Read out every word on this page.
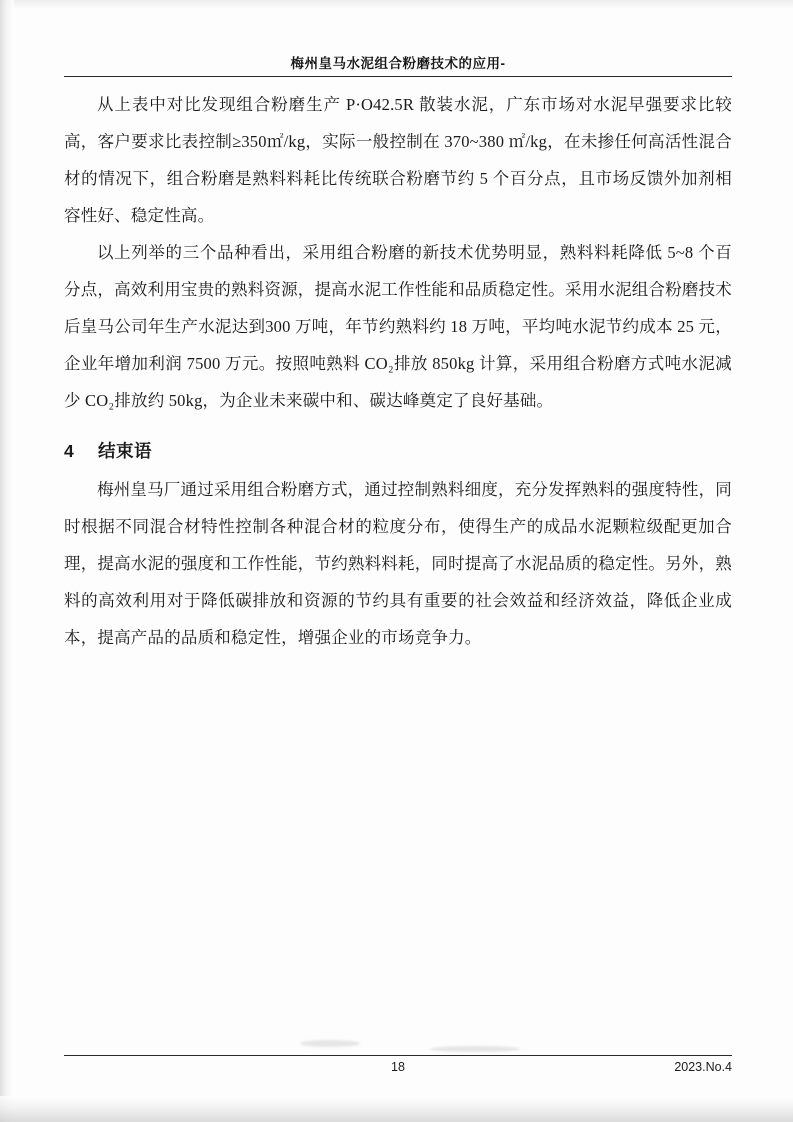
梅州皇马水泥组合粉磨技术的应用-

从上表中对比发现组合粉磨生产 P·O42.5R 散装水泥，广东市场对水泥早强要求比较高，客户要求比表控制≥350㎡/kg，实际一般控制在 370~380 ㎡/kg，在未掺任何高活性混合材的情况下，组合粉磨是熟料料耗比传统联合粉磨节约 5 个百分点，且市场反馈外加剂相容性好、稳定性高。

以上列举的三个品种看出，采用组合粉磨的新技术优势明显，熟料料耗降低 5~8 个百分点，高效利用宝贵的熟料资源，提高水泥工作性能和品质稳定性。采用水泥组合粉磨技术后皇马公司年生产水泥达到300 万吨，年节约熟料约 18 万吨，平均吨水泥节约成本 25 元，企业年增加利润 7500 万元。按照吨熟料 CO₂排放 850kg 计算，采用组合粉磨方式吨水泥减少 CO₂排放约 50kg，为企业未来碳中和、碳达峰奠定了良好基础。

4 结束语

梅州皇马厂通过采用组合粉磨方式，通过控制熟料细度，充分发挥熟料的强度特性，同时根据不同混合材特性控制各种混合材的粒度分布，使得生产的成品水泥颗粒级配更加合理，提高水泥的强度和工作性能，节约熟料料耗，同时提高了水泥品质的稳定性。另外，熟料的高效利用对于降低碳排放和资源的节约具有重要的社会效益和经济效益，降低企业成本，提高产品的品质和稳定性，增强企业的市场竞争力。

18	2023.No.4
